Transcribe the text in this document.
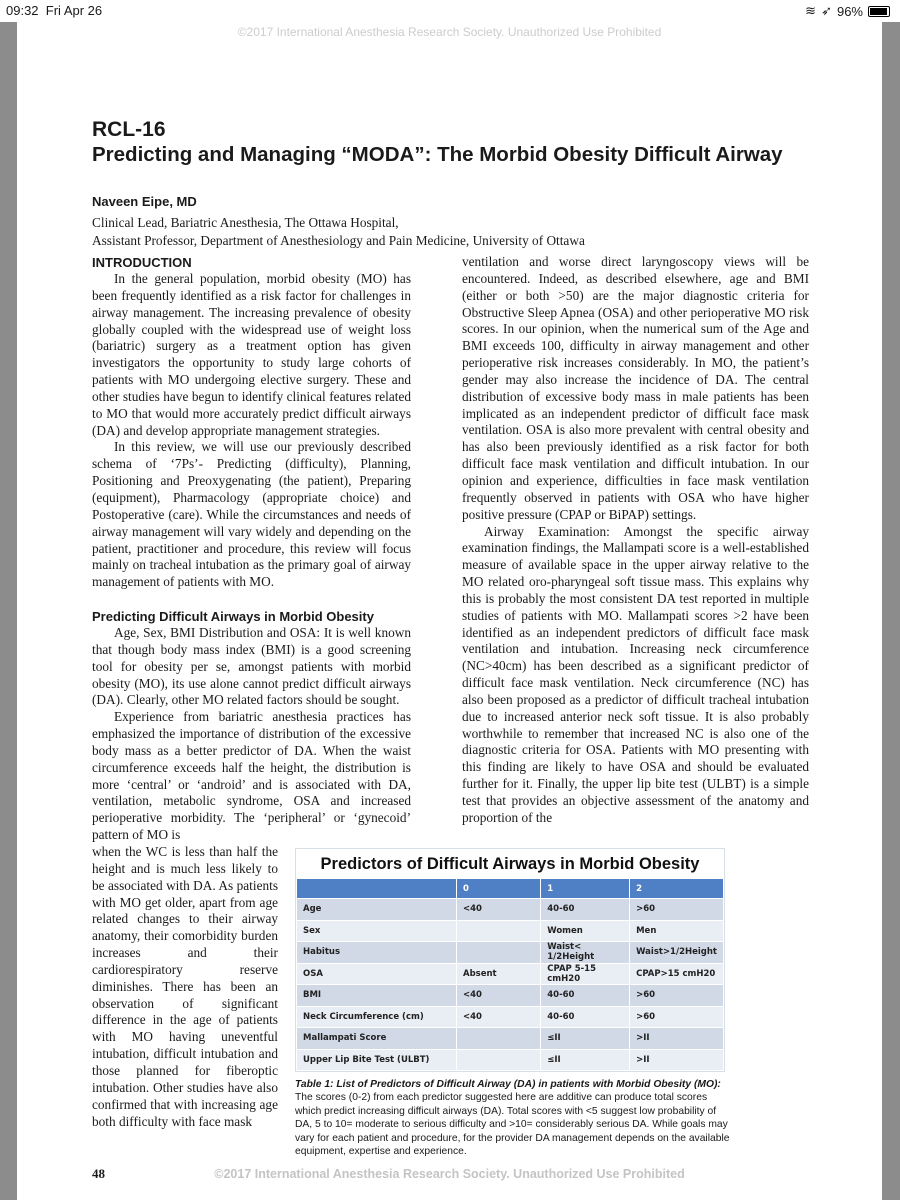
09:32 Fri Apr 26	≋ ➶ 96%
©2017 International Anesthesia Research Society. Unauthorized Use Prohibited
RCL-16
Predicting and Managing “MODA”: The Morbid Obesity Difficult Airway
Naveen Eipe, MD
Clinical Lead, Bariatric Anesthesia, The Ottawa Hospital,
Assistant Professor, Department of Anesthesiology and Pain Medicine, University of Ottawa

INTRODUCTION

In the general population, morbid obesity (MO) has been frequently identified as a risk factor for challenges in airway management. The increasing prevalence of obesity globally coupled with the widespread use of weight loss (bariatric) surgery as a treatment option has given investigators the opportunity to study large cohorts of patients with MO undergoing elective surgery. These and other studies have begun to identify clinical features related to MO that would more accurately predict difficult airways (DA) and develop appropriate management strategies.

In this review, we will use our previously described schema of ‘7Ps’- Predicting (difficulty), Planning, Positioning and Preoxygenating (the patient), Preparing (equipment), Pharmacology (appropriate choice) and Postoperative (care). While the circumstances and needs of airway management will vary widely and depending on the patient, practitioner and procedure, this review will focus mainly on tracheal intubation as the primary goal of airway management of patients with MO.

Predicting Difficult Airways in Morbid Obesity

Age, Sex, BMI Distribution and OSA: It is well known that though body mass index (BMI) is a good screening tool for obesity per se, amongst patients with morbid obesity (MO), its use alone cannot predict difficult airways (DA). Clearly, other MO related factors should be sought.

Experience from bariatric anesthesia practices has emphasized the importance of distribution of the excessive body mass as a better predictor of DA. When the waist circumference exceeds half the height, the distribution is more ‘central’ or ‘android’ and is associated with DA, ventilation, metabolic syndrome, OSA and increased perioperative morbidity. The ‘peripheral’ or ‘gynecoid’ pattern of MO is

when the WC is less than half the height and is much less likely to be associated with DA. As patients with MO get older, apart from age related changes to their airway anatomy, their comorbidity burden increases and their cardiorespiratory reserve diminishes. There has been an observation of significant difference in the age of patients with MO having uneventful intubation, difficult intubation and those planned for fiberoptic intubation. Other studies have also confirmed that with increasing age both difficulty with face mask
ventilation and worse direct laryngoscopy views will be encountered. Indeed, as described elsewhere, age and BMI (either or both >50) are the major diagnostic criteria for Obstructive Sleep Apnea (OSA) and other perioperative MO risk scores. In our opinion, when the numerical sum of the Age and BMI exceeds 100, difficulty in airway management and other perioperative risk increases considerably. In MO, the patient’s gender may also increase the incidence of DA. The central distribution of excessive body mass in male patients has been implicated as an independent predictor of difficult face mask ventilation. OSA is also more prevalent with central obesity and has also been previously identified as a risk factor for both difficult face mask ventilation and difficult intubation. In our opinion and experience, difficulties in face mask ventilation frequently observed in patients with OSA who have higher positive pressure (CPAP or BiPAP) settings.

Airway Examination: Amongst the specific airway examination findings, the Mallampati score is a well-established measure of available space in the upper airway relative to the MO related oro-pharyngeal soft tissue mass. This explains why this is probably the most consistent DA test reported in multiple studies of patients with MO. Mallampati scores >2 have been identified as an independent predictors of difficult face mask ventilation and intubation. Increasing neck circumference (NC>40cm) has been described as a significant predictor of difficult face mask ventilation. Neck circumference (NC) has also been proposed as a predictor of difficult tracheal intubation due to increased anterior neck soft tissue. It is also probably worthwhile to remember that increased NC is also one of the diagnostic criteria for OSA. Patients with MO presenting with this finding are likely to have OSA and should be evaluated further for it. Finally, the upper lip bite test (ULBT) is a simple test that provides an objective assessment of the anatomy and proportion of the

Predictors of Difficult Airways in Morbid Obesity
	0	1	2
Age	<40	40-60	>60
Sex		Women	Men
Habitus		Waist< 1/2Height	Waist>1/2Height
OSA	Absent	CPAP 5-15 cmH20	CPAP>15 cmH20
BMI	<40	40-60	>60
Neck Circumference (cm)	<40	40-60	>60
Mallampati Score		≤II	>II
Upper Lip Bite Test (ULBT)		≤II	>II
Table 1: List of Predictors of Difficult Airway (DA) in patients with Morbid Obesity (MO):
The scores (0-2) from each predictor suggested here are additive can produce total scores which predict increasing difficult airways (DA). Total scores with <5 suggest low probability of DA, 5 to 10= moderate to serious difficulty and >10= considerably serious DA. While goals may vary for each patient and procedure, for the provider DA management depends on the available equipment, expertise and experience.
48	©2017 International Anesthesia Research Society. Unauthorized Use Prohibited
